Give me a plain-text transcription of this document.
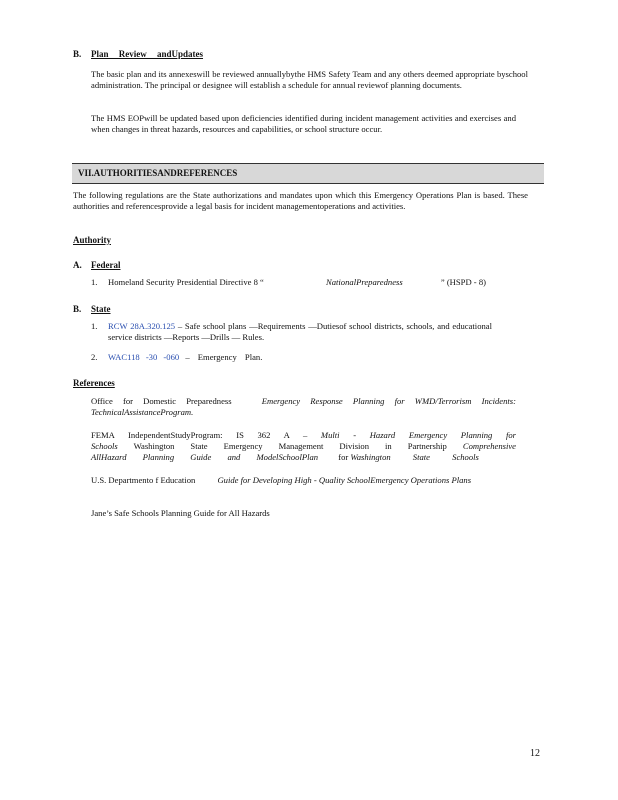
B. Plan Review andUpdates
The basic plan and its annexeswill be reviewed annuallybythe HMS Safety Team and any others deemed appropriate byschool administration. The principal or designee will establish a schedule for annual reviewof planning documents.
The HMS EOPwill be updated based upon deficiencies identified during incident management activities and exercises and when changes in threat hazards, resources and capabilities, or school structure occur.
VII.AUTHORITIESANDREFERENCES
The following regulations are the State authorizations and mandates upon which this Emergency Operations Plan is based. These authorities and referencesprovide a legal basis for incident managementoperations and activities.
Authority
A. Federal
1. Homeland Security Presidential Directive 8 “	NationalPreparedness	” (HSPD - 8)
B. State
1. RCW 28A.320.125 – Safe school plans —Requirements —Dutiesof school districts, schools, and educational service districts —Reports —Drills — Rules.
2. WAC118 -30 -060 – Emergency Plan.
References
Office for Domestic Preparedness	Emergency Response Planning for WMD/Terrorism Incidents: TechnicalAssistanceProgram.
FEMA IndependentStudyProgram: IS 362 A – Multi - Hazard Emergency Planning for
Schools Washington State Emergency Management Division in Partnership Comprehensive
AllHazard Planning Guide and ModelSchoolPlan for Washington State Schools
U.S. Departmento f Education	Guide for Developing High - Quality SchoolEmergency Operations Plans
Jane’s Safe Schools Planning Guide for All Hazards
12
